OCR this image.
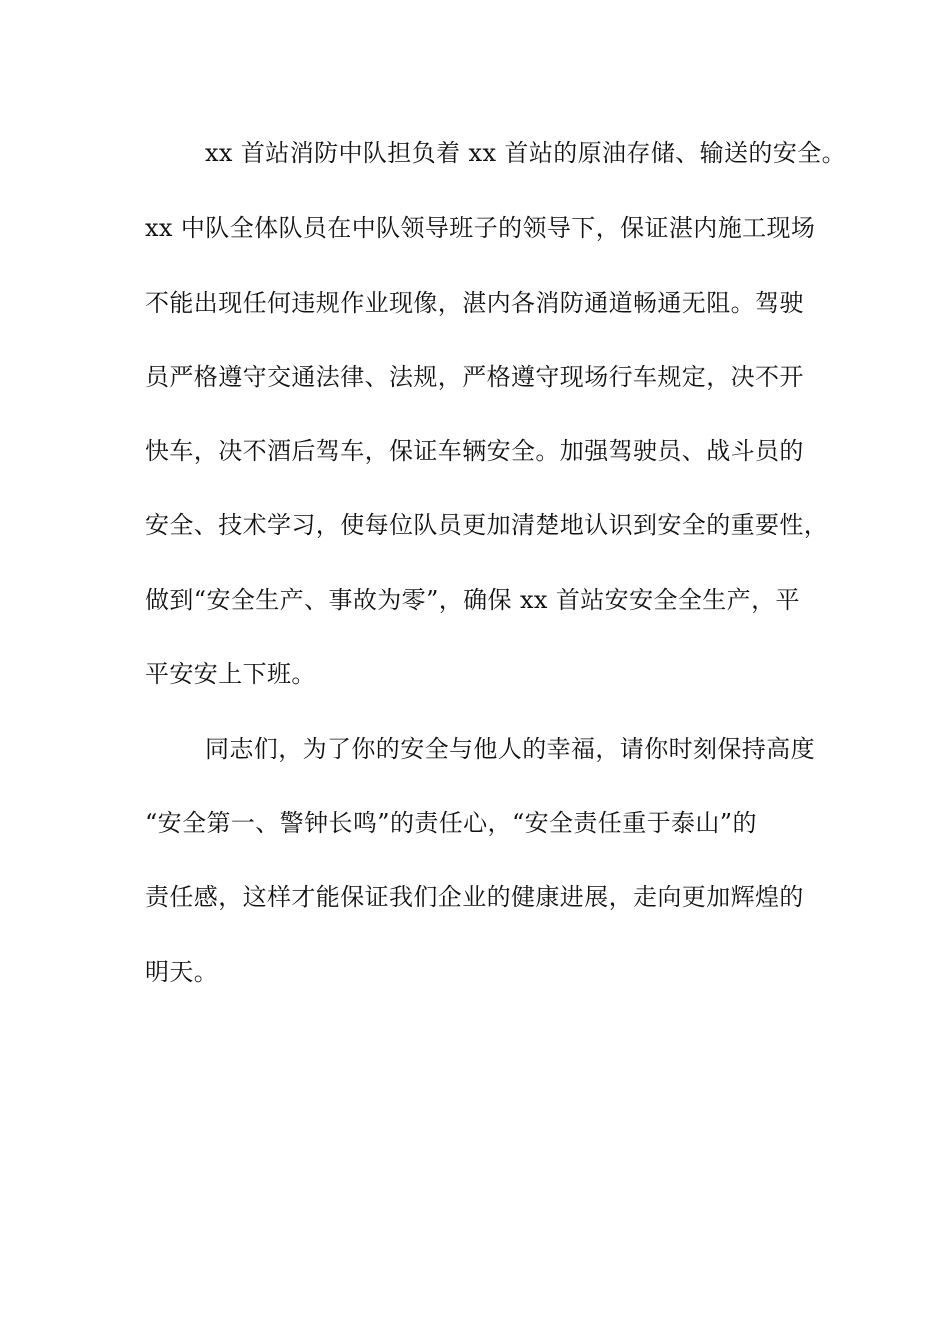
xx 首站消防中队担负着 xx 首站的原油存储、输送的安全。
xx 中队全体队员在中队领导班子的领导下，保证湛内施工现场
不能出现任何违规作业现像，湛内各消防通道畅通无阻。驾驶
员严格遵守交通法律、法规，严格遵守现场行车规定，决不开
快车，决不酒后驾车，保证车辆安全。加强驾驶员、战斗员的
安全、技术学习，使每位队员更加清楚地认识到安全的重要性，
做到“安全生产、事故为零”，确保 xx 首站安安全全生产，平
平安安上下班。
同志们，为了你的安全与他人的幸福，请你时刻保持高度
“安全第一、警钟长鸣”的责任心，“安全责任重于泰山”的
责任感，这样才能保证我们企业的健康进展，走向更加辉煌的
明天。
